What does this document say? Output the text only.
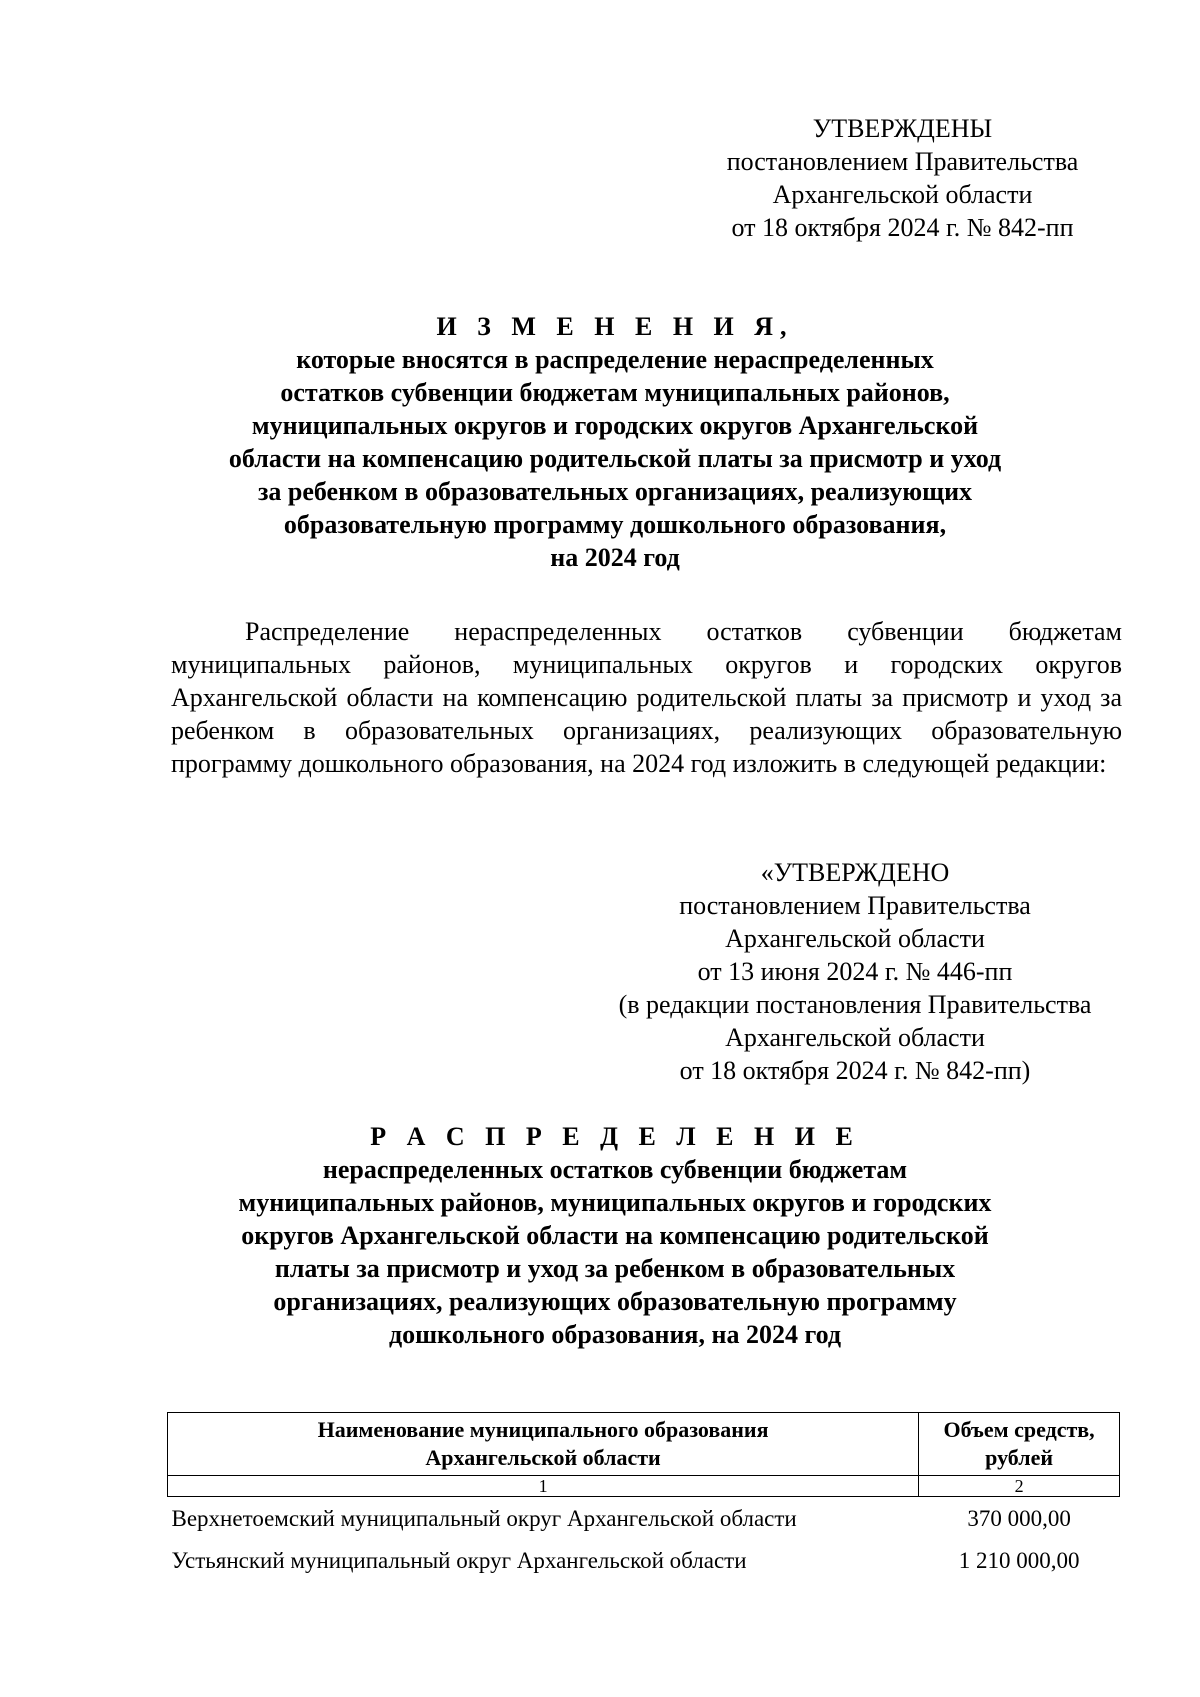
УТВЕРЖДЕНЫ
постановлением Правительства
Архангельской области
от 18 октября 2024 г. № 842-пп
И З М Е Н Е Н И Я,
которые вносятся в распределение нераспределенных
остатков субвенции бюджетам муниципальных районов,
муниципальных округов и городских округов Архангельской
области на компенсацию родительской платы за присмотр и уход
за ребенком в образовательных организациях, реализующих
образовательную программу дошкольного образования,
на 2024 год

Распределение нераспределенных остатков субвенции бюджетам муниципальных районов, муниципальных округов и городских округов Архангельской области на компенсацию родительской платы за присмотр и уход за ребенком в образовательных организациях, реализующих образовательную программу дошкольного образования, на 2024 год изложить в следующей редакции:

«УТВЕРЖДЕНО
постановлением Правительства
Архангельской области
от 13 июня 2024 г. № 446-пп
(в редакции постановления Правительства
Архангельской области
от 18 октября 2024 г. № 842-пп)
Р А С П Р Е Д Е Л Е Н И Е
нераспределенных остатков субвенции бюджетам
муниципальных районов, муниципальных округов и городских
округов Архангельской области на компенсацию родительской
платы за присмотр и уход за ребенком в образовательных
организациях, реализующих образовательную программу
дошкольного образования, на 2024 год
Наименование муниципального образования
Архангельской области	Объем средств,
рублей

1	2
Верхнетоемский муниципальный округ Архангельской области	370 000,00
Устьянский муниципальный округ Архангельской области	1 210 000,00
